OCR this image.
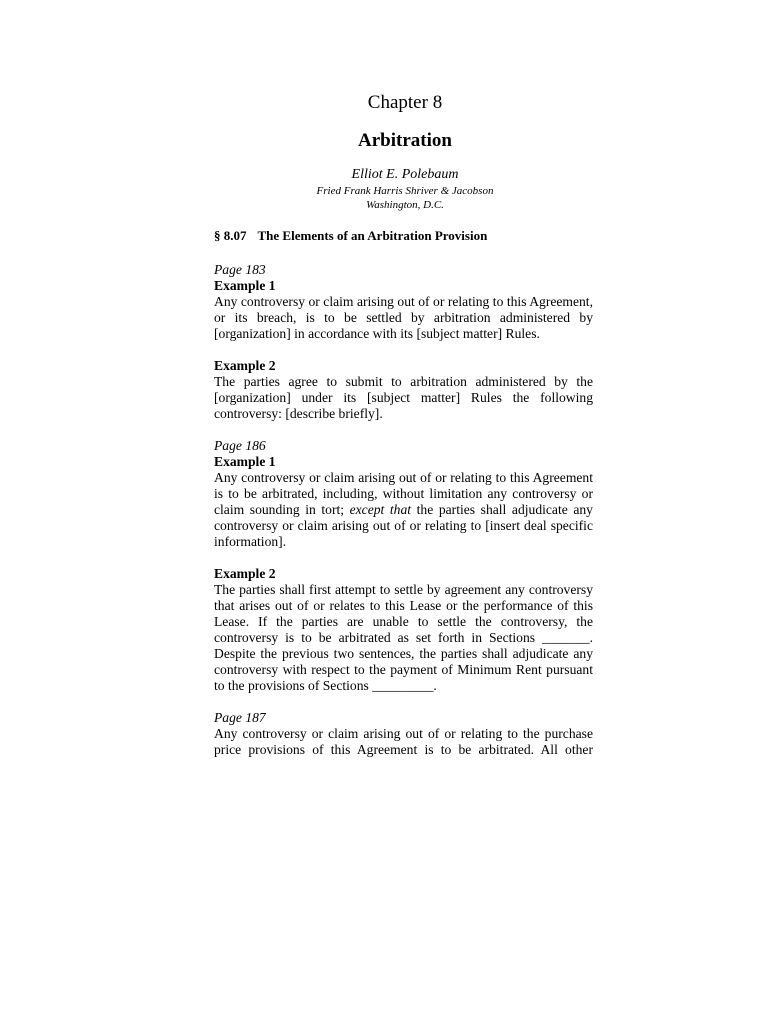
Chapter 8
Arbitration
Elliot E. Polebaum
Fried Frank Harris Shriver & Jacobson
Washington, D.C.
§ 8.07 The Elements of an Arbitration Provision

Page 183

Example 1

Any controversy or claim arising out of or relating to this Agreement, or its breach, is to be settled by arbitration administered by [organization] in accordance with its [subject matter] Rules.

Example 2

The parties agree to submit to arbitration administered by the [organization] under its [subject matter] Rules the following controversy: [describe briefly].

Page 186

Example 1

Any controversy or claim arising out of or relating to this Agreement is to be arbitrated, including, without limitation any controversy or claim sounding in tort; except that the parties shall adjudicate any controversy or claim arising out of or relating to [insert deal specific information].

Example 2

The parties shall first attempt to settle by agreement any controversy that arises out of or relates to this Lease or the performance of this Lease. If the parties are unable to settle the controversy, the controversy is to be arbitrated as set forth in Sections _______. Despite the previous two sentences, the parties shall adjudicate any controversy with respect to the payment of Minimum Rent pursuant to the provisions of Sections _________.

Page 187

Any controversy or claim arising out of or relating to the purchase price provisions of this Agreement is to be arbitrated. All other
